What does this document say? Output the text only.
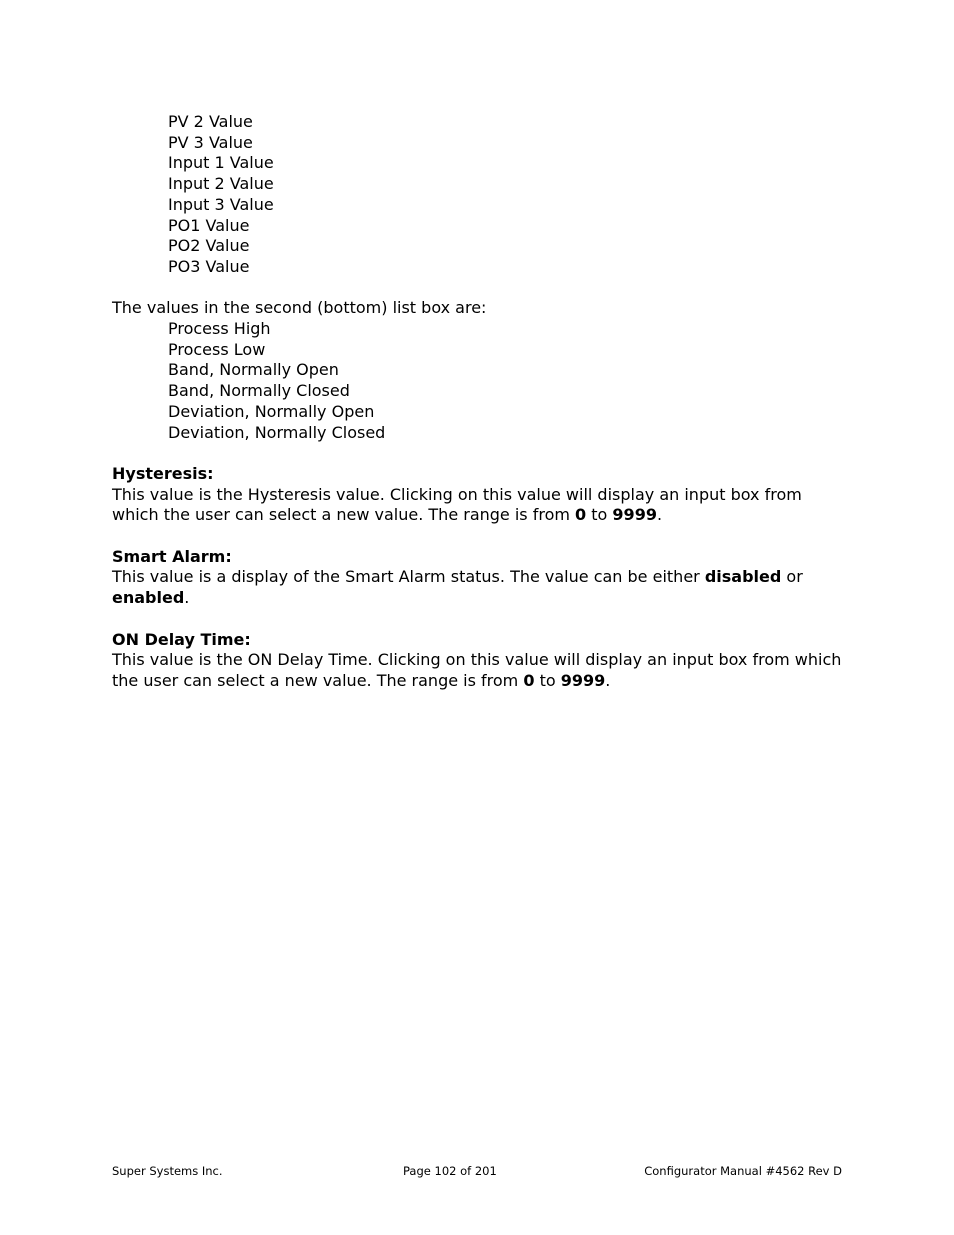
PV 2 Value
PV 3 Value
Input 1 Value
Input 2 Value
Input 3 Value
PO1 Value
PO2 Value
PO3 Value
The values in the second (bottom) list box are:
Process High
Process Low
Band, Normally Open
Band, Normally Closed
Deviation, Normally Open
Deviation, Normally Closed
Hysteresis:
This value is the Hysteresis value. Clicking on this value will display an input box from which the user can select a new value. The range is from 0 to 9999.
Smart Alarm:
This value is a display of the Smart Alarm status. The value can be either disabled or enabled.
ON Delay Time:
This value is the ON Delay Time. Clicking on this value will display an input box from which the user can select a new value. The range is from 0 to 9999.
Super Systems Inc.	Page 102 of 201	Configurator Manual #4562 Rev D
